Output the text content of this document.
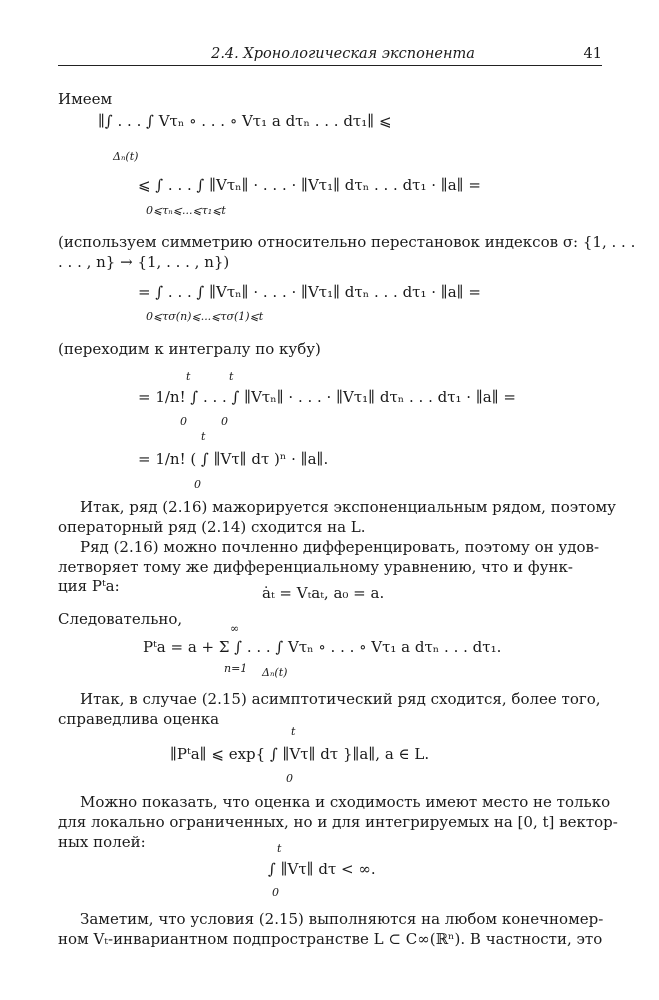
2.4. Хронологическая экспонента	41
Имеем
∥∫ . . . ∫ Vτₙ ∘ . . . ∘ Vτ₁ a dτₙ . . . dτ₁∥ ⩽
Δₙ(t)
⩽ ∫ . . . ∫ ∥Vτₙ∥ · . . . · ∥Vτ₁∥ dτₙ . . . dτ₁ · ∥a∥ =
0⩽τₙ⩽...⩽τ₁⩽t
(используем симметрию относительно перестановок индексов σ: {1, . . .
. . . , n} → {1, . . . , n})
= ∫ . . . ∫ ∥Vτₙ∥ · . . . · ∥Vτ₁∥ dτₙ . . . dτ₁ · ∥a∥ =
0⩽τσ(n)⩽...⩽τσ(1)⩽t
(переходим к интегралу по кубу)
t	t
= 1/n! ∫ . . . ∫ ∥Vτₙ∥ · . . . · ∥Vτ₁∥ dτₙ . . . dτ₁ · ∥a∥ =
0	0
t
= 1/n! ( ∫ ∥Vτ∥ dτ )ⁿ · ∥a∥.
0
Итак, ряд (2.16) мажорируется экспоненциальным рядом, поэтому
операторный ряд (2.14) сходится на L.
Ряд (2.16) можно почленно дифференцировать, поэтому он удов-
летворяет тому же дифференциальному уравнению, что и функ-
ция Pᵗa:	ȧₜ = Vₜaₜ, a₀ = a.
Следовательно,
∞
Pᵗa = a + Σ ∫ . . . ∫ Vτₙ ∘ . . . ∘ Vτ₁ a dτₙ . . . dτ₁.
n=1 Δₙ(t)
Итак, в случае (2.15) асимптотический ряд сходится, более того,
справедлива оценка
t
∥Pᵗa∥ ⩽ exp{ ∫ ∥Vτ∥ dτ }∥a∥, a ∈ L.
0
Можно показать, что оценка и сходимость имеют место не только
для локально ограниченных, но и для интегрируемых на [0, t] вектор-
ных полей:	t
∫ ∥Vτ∥ dτ < ∞.
0
Заметим, что условия (2.15) выполняются на любом конечномер-
ном Vₜ-инвариантном подпространстве L ⊂ C∞(ℝⁿ). В частности, это
